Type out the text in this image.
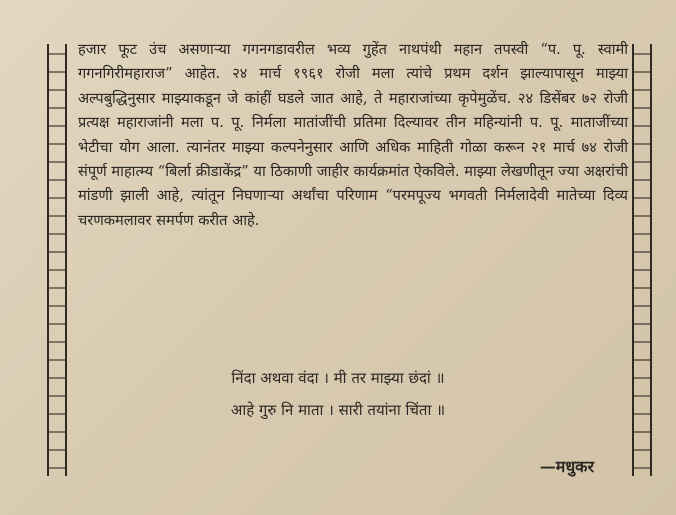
हजार फूट उंच असणाऱ्या गगनगडावरील भव्य गुहेंत नाथपंथी महान तपस्वी “प. पू. स्वामी गगनगिरीमहाराज” आहेत. २४ मार्च १९६१ रोजी मला त्यांचे प्रथम दर्शन झाल्यापासून माझ्या अल्पबुद्धिनुसार माझ्याकडून जे कांहीं घडले जात आहे, ते महाराजांच्या कृपेमुळेंच. २४ डिसेंबर ७२ रोजी प्रत्यक्ष महाराजांनी मला प. पू. निर्मला मातांजींची प्रतिमा दिल्यावर तीन महिन्यांनी प. पू. माताजींच्या भेटीचा योग आला. त्यानंतर माझ्या कल्पनेनुसार आणि अधिक माहिती गोळा करून २१ मार्च ७४ रोजी संपूर्ण माहात्म्य “बिर्ला क्रीडाकेंद्र” या ठिकाणी जाहीर कार्यक्रमांत ऐकविले. माझ्या लेखणीतून ज्या अक्षरांची मांडणी झाली आहे, त्यांतून निघणाऱ्या अर्थांचा परिणाम “परमपूज्य भगवती निर्मलादेवी मातेच्या दिव्य चरणकमलावर समर्पण करीत आहे.

निंदा अथवा वंदा । मी तर माझ्या छंदां ॥
आहे गुरु नि माता । सारी तयांना चिंता ॥
—मधुकर
